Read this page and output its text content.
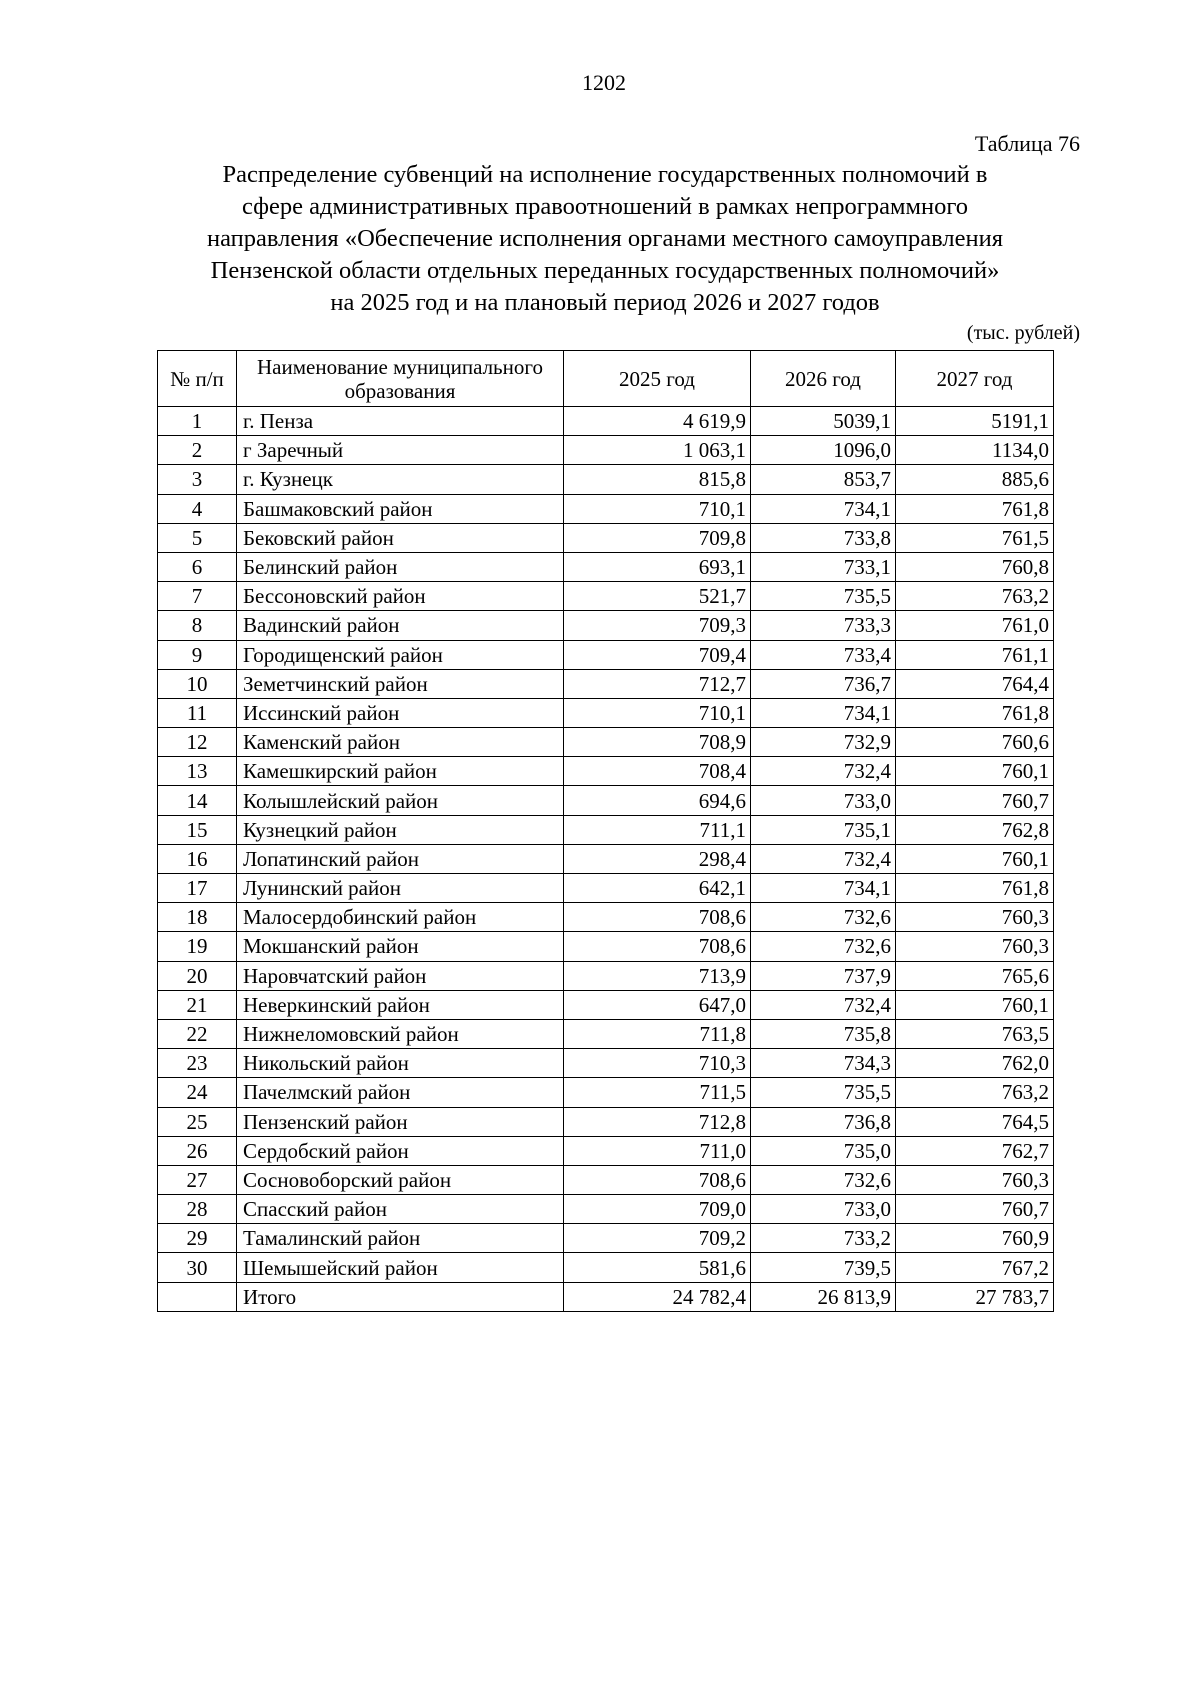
1202
Таблица 76
Распределение субвенций на исполнение государственных полномочий в
сфере административных правоотношений в рамках непрограммного
направления «Обеспечение исполнения органами местного самоуправления
Пензенской области отдельных переданных государственных полномочий»
на 2025 год и на плановый период 2026 и 2027 годов
(тыс. рублей)
№ п/п	Наименование муниципального образования	2025 год	2026 год	2027 год
1	г. Пенза	4 619,9	5039,1	5191,1
2	г Заречный	1 063,1	1096,0	1134,0
3	г. Кузнецк	815,8	853,7	885,6
4	Башмаковский район	710,1	734,1	761,8
5	Бековский район	709,8	733,8	761,5
6	Белинский район	693,1	733,1	760,8
7	Бессоновский район	521,7	735,5	763,2
8	Вадинский район	709,3	733,3	761,0
9	Городищенский район	709,4	733,4	761,1
10	Земетчинский район	712,7	736,7	764,4
11	Иссинский район	710,1	734,1	761,8
12	Каменский район	708,9	732,9	760,6
13	Камешкирский район	708,4	732,4	760,1
14	Колышлейский район	694,6	733,0	760,7
15	Кузнецкий район	711,1	735,1	762,8
16	Лопатинский район	298,4	732,4	760,1
17	Лунинский район	642,1	734,1	761,8
18	Малосердобинский район	708,6	732,6	760,3
19	Мокшанский район	708,6	732,6	760,3
20	Наровчатский район	713,9	737,9	765,6
21	Неверкинский район	647,0	732,4	760,1
22	Нижнеломовский район	711,8	735,8	763,5
23	Никольский район	710,3	734,3	762,0
24	Пачелмский район	711,5	735,5	763,2
25	Пензенский район	712,8	736,8	764,5
26	Сердобский район	711,0	735,0	762,7
27	Сосновоборский район	708,6	732,6	760,3
28	Спасский район	709,0	733,0	760,7
29	Тамалинский район	709,2	733,2	760,9
30	Шемышейский район	581,6	739,5	767,2
	Итого	24 782,4	26 813,9	27 783,7
